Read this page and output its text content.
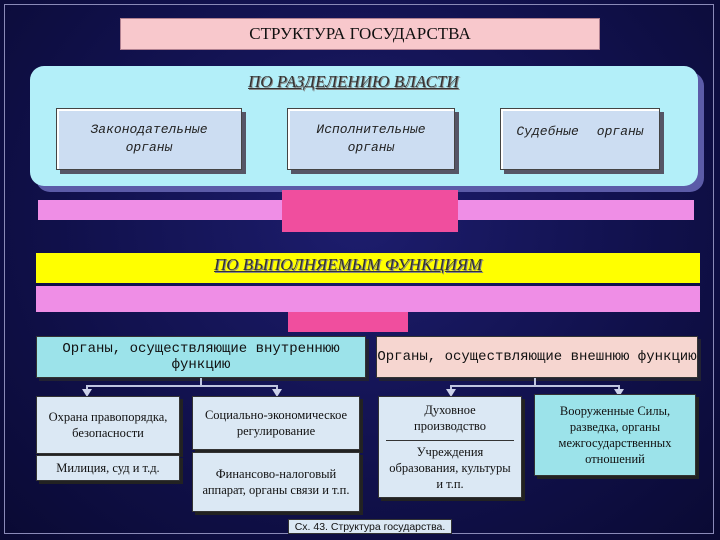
СТРУКТУРА ГОСУДАРСТВА
ПО РАЗДЕЛЕНИЮ ВЛАСТИ
Законодательные
органы
Исполнительные
органы
Судебные органы
ПО ВЫПОЛНЯЕМЫМ ФУНКЦИЯМ
Органы, осуществляющие внутреннюю функцию	Органы, осуществляющие внешнюю функцию
Охрана правопорядка, безопасности
Милиция, суд и т.д.
Социально-экономическое регулирование
Финансово-налоговый аппарат, органы связи и т.п.
Духовное производство
Учреждения образования, культуры и т.п.
Вооруженные Силы, разведка, органы межгосударственных отношений
Сх. 43. Структура государства.
